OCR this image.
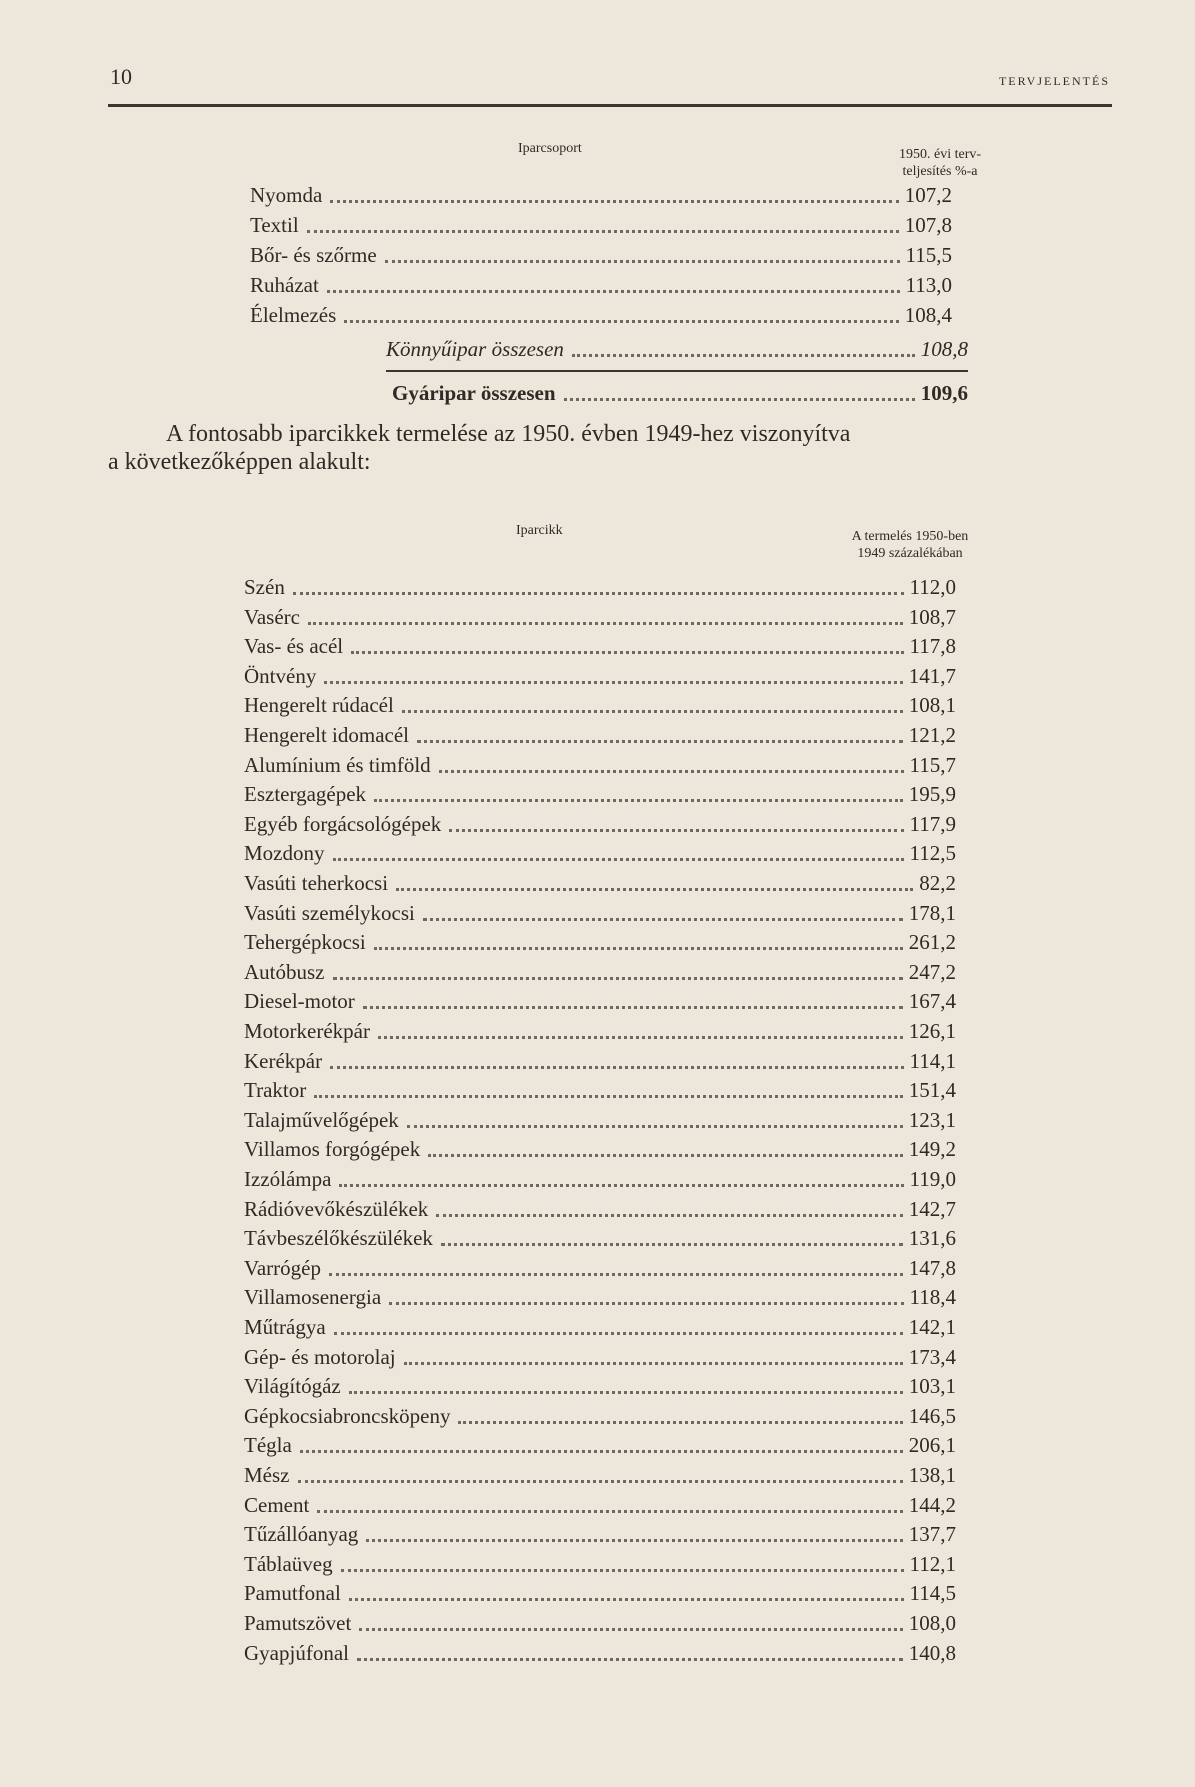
10	TERVJELENTÉS
Iparcsoport	1950. évi terv-
teljesítés %-a
Nyomda	107,2
Textil	107,8
Bőr- és szőrme	115,5
Ruházat	113,0
Élelmezés	108,4
Könnyűipar összesen	108,8
Gyáripar összesen	109,6
A fontosabb iparcikkek termelése az 1950. évben 1949-hez viszonyítva
a következőképpen alakult:
Iparcikk	A termelés 1950-ben
1949 százalékában
Szén	112,0
Vasérc	108,7
Vas- és acél	117,8
Öntvény	141,7
Hengerelt rúdacél	108,1
Hengerelt idomacél	121,2
Alumínium és timföld	115,7
Esztergagépek	195,9
Egyéb forgácsológépek	117,9
Mozdony	112,5
Vasúti teherkocsi	82,2
Vasúti személykocsi	178,1
Tehergépkocsi	261,2
Autóbusz	247,2
Diesel-motor	167,4
Motorkerékpár	126,1
Kerékpár	114,1
Traktor	151,4
Talajművelőgépek	123,1
Villamos forgógépek	149,2
Izzólámpa	119,0
Rádióvevőkészülékek	142,7
Távbeszélőkészülékek	131,6
Varrógép	147,8
Villamosenergia	118,4
Műtrágya	142,1
Gép- és motorolaj	173,4
Világítógáz	103,1
Gépkocsiabroncsköpeny	146,5
Tégla	206,1
Mész	138,1
Cement	144,2
Tűzállóanyag	137,7
Táblaüveg	112,1
Pamutfonal	114,5
Pamutszövet	108,0
Gyapjúfonal	140,8
